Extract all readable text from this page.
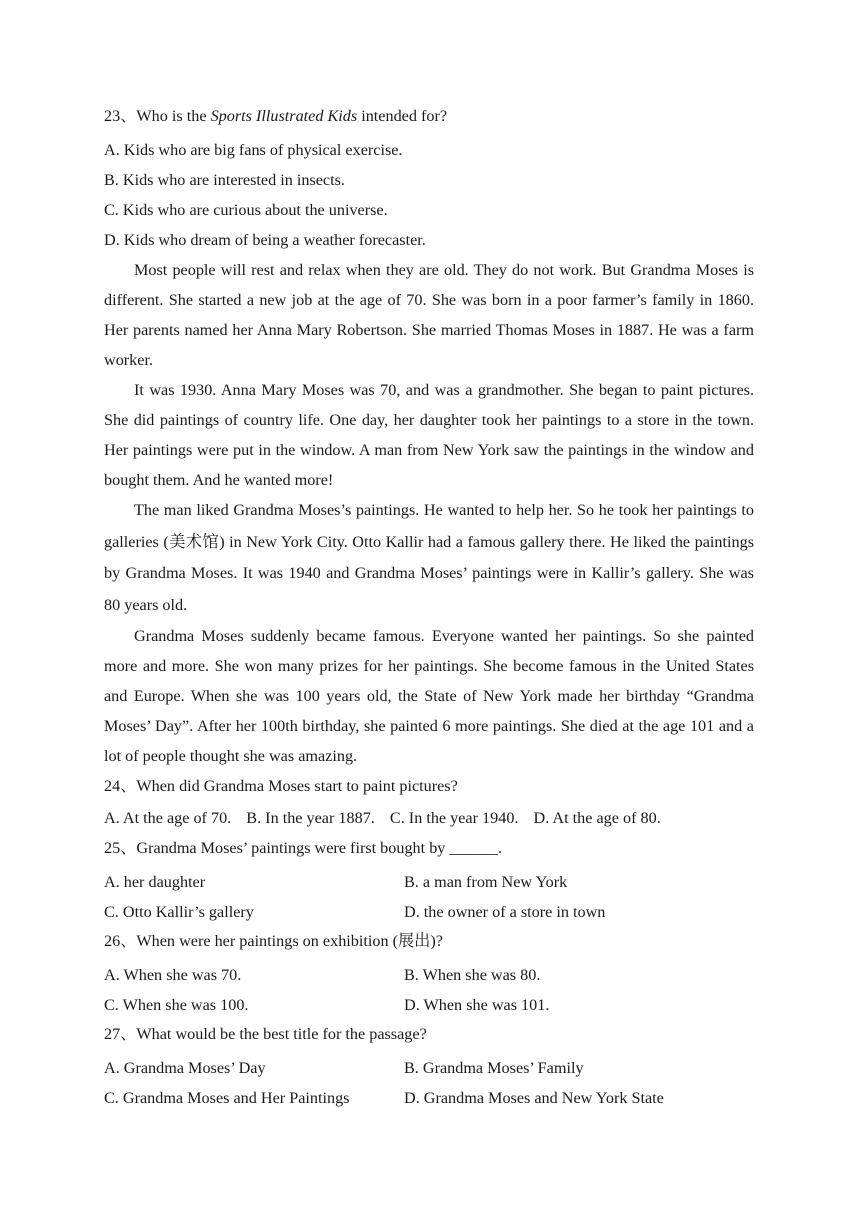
23、Who is the Sports Illustrated Kids intended for?
A. Kids who are big fans of physical exercise.
B. Kids who are interested in insects.
C. Kids who are curious about the universe.
D. Kids who dream of being a weather forecaster.

Most people will rest and relax when they are old. They do not work. But Grandma Moses is different. She started a new job at the age of 70. She was born in a poor farmer’s family in 1860. Her parents named her Anna Mary Robertson. She married Thomas Moses in 1887. He was a farm worker.

It was 1930. Anna Mary Moses was 70, and was a grandmother. She began to paint pictures. She did paintings of country life. One day, her daughter took her paintings to a store in the town. Her paintings were put in the window. A man from New York saw the paintings in the window and bought them. And he wanted more!

The man liked Grandma Moses’s paintings. He wanted to help her. So he took her paintings to galleries (美术馆) in New York City. Otto Kallir had a famous gallery there. He liked the paintings by Grandma Moses. It was 1940 and Grandma Moses’ paintings were in Kallir’s gallery. She was 80 years old.

Grandma Moses suddenly became famous. Everyone wanted her paintings. So she painted more and more. She won many prizes for her paintings. She become famous in the United States and Europe. When she was 100 years old, the State of New York made her birthday “Grandma Moses’ Day”. After her 100th birthday, she painted 6 more paintings. She died at the age 101 and a lot of people thought she was amazing.

24、When did Grandma Moses start to paint pictures?
A. At the age of 70. B. In the year 1887. C. In the year 1940. D. At the age of 80.
25、Grandma Moses’ paintings were first bought by ______.
A. her daughter	B. a man from New York
C. Otto Kallir’s gallery	D. the owner of a store in town
26、When were her paintings on exhibition (展出)?
A. When she was 70.	B. When she was 80.
C. When she was 100.	D. When she was 101.
27、What would be the best title for the passage?
A. Grandma Moses’ Day	B. Grandma Moses’ Family
C. Grandma Moses and Her Paintings	D. Grandma Moses and New York State
